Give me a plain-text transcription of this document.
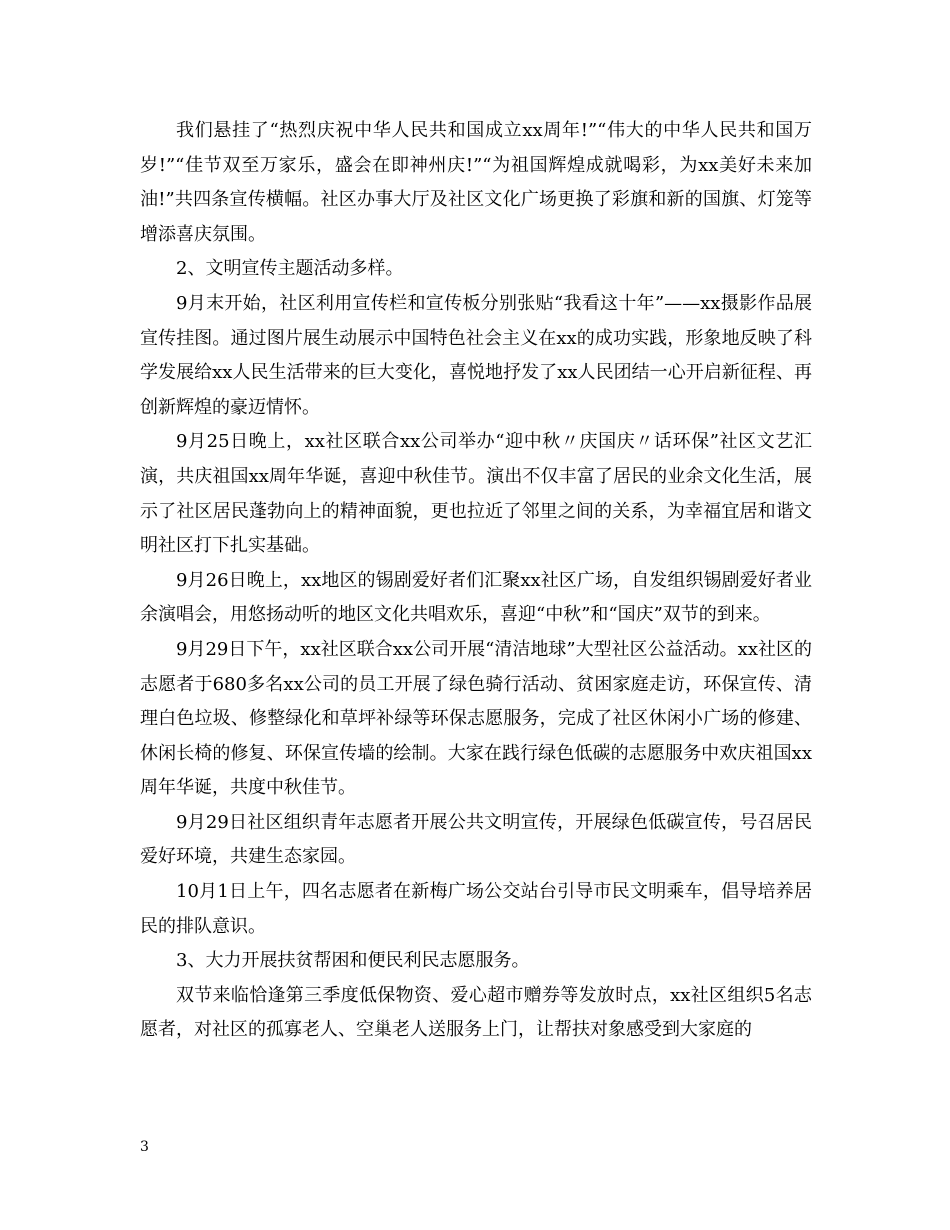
我们悬挂了“热烈庆祝中华人民共和国成立xx周年!”“伟大的中华人民共和国万岁!”“佳节双至万家乐，盛会在即神州庆!”“为祖国辉煌成就喝彩，为xx美好未来加油!”共四条宣传横幅。社区办事大厅及社区文化广场更换了彩旗和新的国旗、灯笼等增添喜庆氛围。

2、文明宣传主题活动多样。

9月末开始，社区利用宣传栏和宣传板分别张贴“我看这十年”——xx摄影作品展宣传挂图。通过图片展生动展示中国特色社会主义在xx的成功实践，形象地反映了科学发展给xx人民生活带来的巨大变化，喜悦地抒发了xx人民团结一心开启新征程、再创新辉煌的豪迈情怀。

9月25日晚上，xx社区联合xx公司举办“迎中秋〃庆国庆〃话环保”社区文艺汇演，共庆祖国xx周年华诞，喜迎中秋佳节。演出不仅丰富了居民的业余文化生活，展示了社区居民蓬勃向上的精神面貌，更也拉近了邻里之间的关系，为幸福宜居和谐文明社区打下扎实基础。

9月26日晚上，xx地区的锡剧爱好者们汇聚xx社区广场，自发组织锡剧爱好者业余演唱会，用悠扬动听的地区文化共唱欢乐，喜迎“中秋”和“国庆”双节的到来。

9月29日下午，xx社区联合xx公司开展“清洁地球”大型社区公益活动。xx社区的志愿者于680多名xx公司的员工开展了绿色骑行活动、贫困家庭走访，环保宣传、清理白色垃圾、修整绿化和草坪补绿等环保志愿服务，完成了社区休闲小广场的修建、休闲长椅的修复、环保宣传墙的绘制。大家在践行绿色低碳的志愿服务中欢庆祖国xx周年华诞，共度中秋佳节。

9月29日社区组织青年志愿者开展公共文明宣传，开展绿色低碳宣传，号召居民爱好环境，共建生态家园。

10月1日上午，四名志愿者在新梅广场公交站台引导市民文明乘车，倡导培养居民的排队意识。

3、大力开展扶贫帮困和便民利民志愿服务。

双节来临恰逢第三季度低保物资、爱心超市赠券等发放时点，xx社区组织5名志愿者，对社区的孤寡老人、空巢老人送服务上门，让帮扶对象感受到大家庭的

3
